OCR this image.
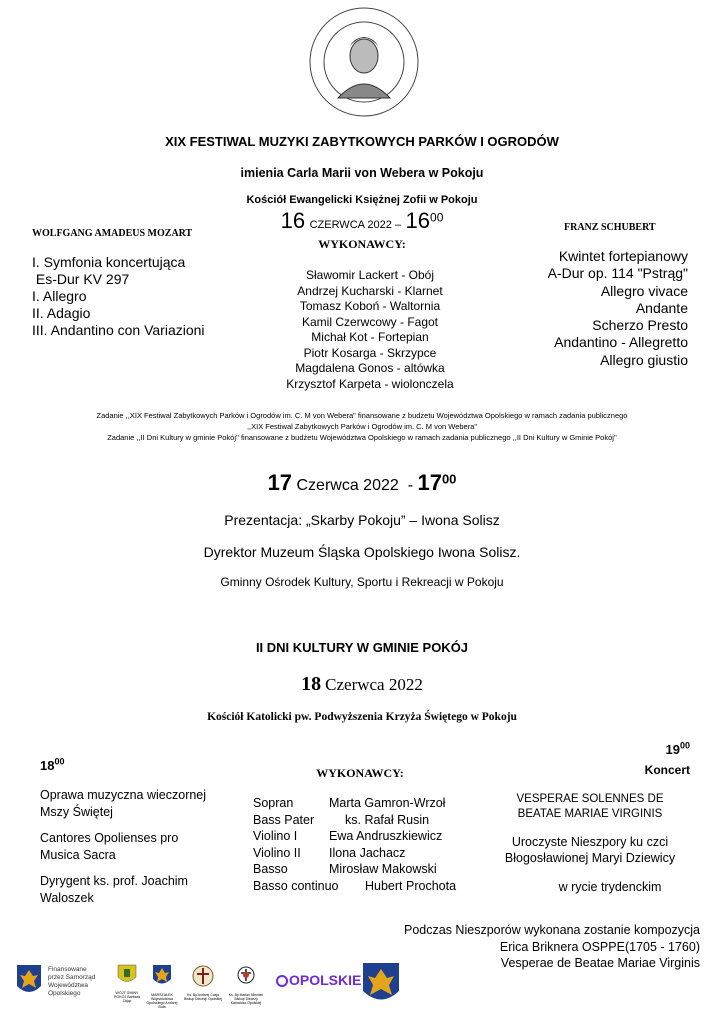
XIX FESTIWAL MUZYKI ZABYTKOWYCH PARKÓW I OGRODÓW
imienia Carla Marii von Webera w Pokoju
Kościół Ewangelicki Księżnej Zofii w Pokoju
16 CZERWCA $2022 - 16^{00}$
WYKONAWCY:
WOLFGANG AMADEUS MOZART
I. Symfonia koncertująca
Es-Dur KV 297
I. Allegro
II. Adagio
III. Andantino con Variazioni
Sławomir Lackert - Obój
Andrzej Kucharski - Klarnet
Tomasz Koboń - Waltornia
Kamil Czerwcowy - Fagot
Michał Kot - Fortepian
Piotr Kosarga - Skrzypce
Magdalena Gonos - altówka
Krzysztof Karpeta - wiolonczela
FRANZ SCHUBERT
Kwintet fortepianowy
A-Dur op. 114 "Pstrąg"
Allegro vivace
Andante
Scherzo Presto
Andantino - Allegretto
Allegro giustio
Zadanie ,,XIX Festiwal Zabytkowych Parków i Ogrodów im. C. M von Webera" finansowane z budżetu Województwa Opolskiego w ramach zadania publicznego
,,XIX Festiwal Zabytkowych Parków i Ogrodów im. C. M von Webera"
Zadanie ,,II Dni Kultury w gminie Pokój'' finansowane z budżetu Województwa Opolskiego w ramach zadania publicznego ,,II Dni Kultury w Gminie Pokój''
17 Czerwca $2022 - 17^{00}$
Prezentacja: „Skarby Pokoju” – Iwona Solisz
Dyrektor Muzeum Śląska Opolskiego Iwona Solisz.
Gminny Ośrodek Kultury, Sportu i Rekreacji w Pokoju
II DNI KULTURY W GMINIE POKÓJ
18 Czerwca 2022
Kościół Katolicki pw. Podwyższenia Krzyża Świętego w Pokoju
$18^{00}$
Oprawa muzyczna wieczornej
Mszy Świętej
Cantores Opolienses pro
Musica Sacra
Dyrygent ks. prof. Joachim
Waloszek
WYKONAWCY:
Sopran	Marta Gamron-Wrzoł
Bass Pater	ks. Rafał Rusin
Violino I	Ewa Andruszkiewicz
Violino II	Ilona Jachacz
Basso	Mirosław Makowski
Basso continuo	Hubert Prochota
$19^{00}$
Koncert
VESPERAE SOLENNES DE
BEATAE MARIAE VIRGINIS
Uroczyste Nieszpory ku czci
Błogosławionej Maryi Dziewicy
w rycie trydenckim
Podczas Nieszporów wykonana zostanie kompozycja
Erica Briknera OSPPE(1705 - 1760)
Vesperae de Beatae Mariae Virginis
Finansowane
przez Samorząd
Województwa
Opolskiego	WÓJT GMINY POKÓJ Barbara Zając
MARSZAŁEK Województwa Opolskiego Andrzej Buła
Ks. Bp Andrzej Czaja Biskup Diecezji Opolskiej
Ks. Bp Marian Niemiec Biskup Diecezji Katowicko-Opolskiej
OPOLSKIE
